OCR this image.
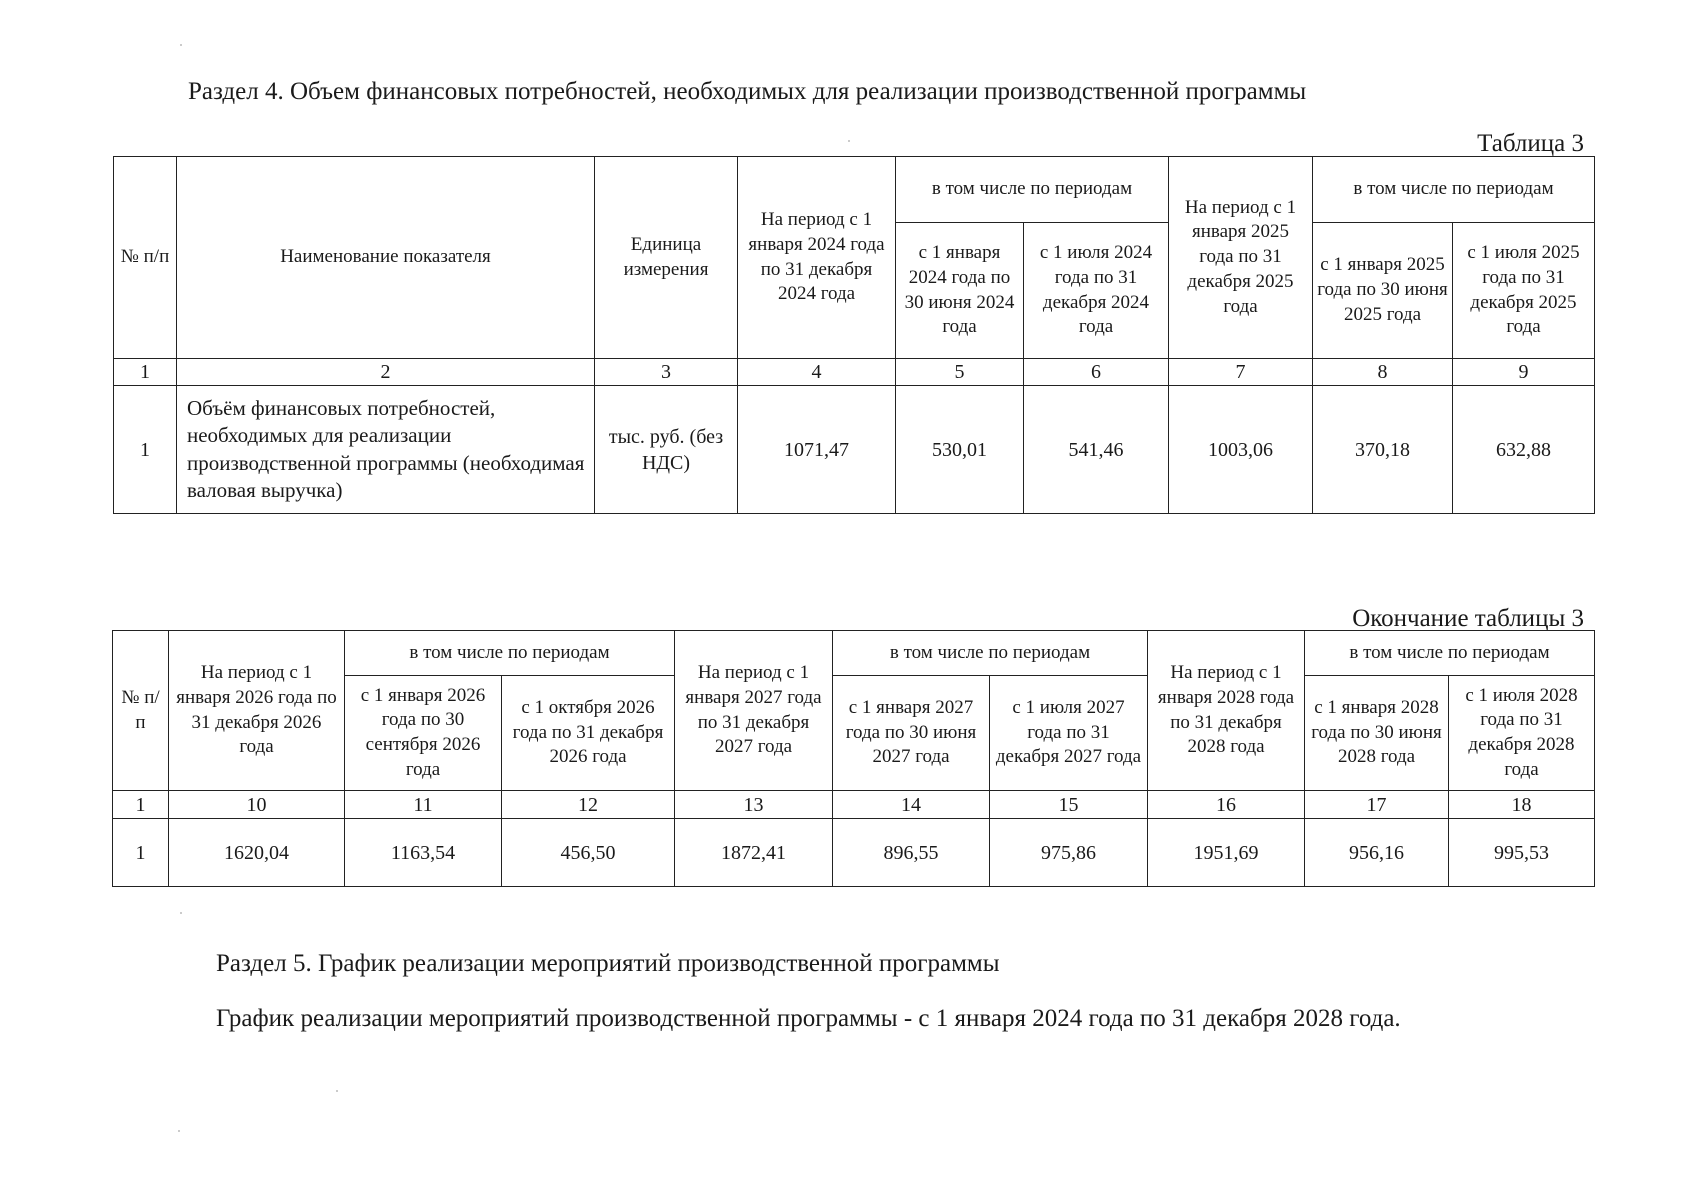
Раздел 4. Объем финансовых потребностей, необходимых для реализации производственной программы
Таблица 3
№ п/п	Наименование показателя	Единица измерения	На период с 1 января 2024 года по 31 декабря 2024 года	в том числе по периодам		На период с 1 января 2025 года по 31 декабря 2025 года	в том числе по периодам	
				с 1 января 2024 года по 30 июня 2024 года	с 1 июля 2024 года по 31 декабря 2024 года		с 1 января 2025 года по 30 июня 2025 года	с 1 июля 2025 года по 31 декабря 2025 года
1	2	3	4	5	6	7	8	9
1	Объём финансовых потребностей, необходимых для реализации производственной программы (необходимая валовая выручка)	тыс. руб. (без НДС)	1071,47	530,01	541,46	1003,06	370,18	632,88
Окончание таблицы 3
№ п/п	На период с 1 января 2026 года по 31 декабря 2026 года	в том числе по периодам		На период с 1 января 2027 года по 31 декабря 2027 года	в том числе по периодам		На период с 1 января 2028 года по 31 декабря 2028 года	в том числе по периодам	
		с 1 января 2026 года по 30 сентября 2026 года	с 1 октября 2026 года по 31 декабря 2026 года		с 1 января 2027 года по 30 июня 2027 года	с 1 июля 2027 года по 31 декабря 2027 года		с 1 января 2028 года по 30 июня 2028 года	с 1 июля 2028 года по 31 декабря 2028 года
1	10	11	12	13	14	15	16	17	18
1	1620,04	1163,54	456,50	1872,41	896,55	975,86	1951,69	956,16	995,53
Раздел 5. График реализации мероприятий производственной программы
График реализации мероприятий производственной программы - с 1 января 2024 года по 31 декабря 2028 года.
